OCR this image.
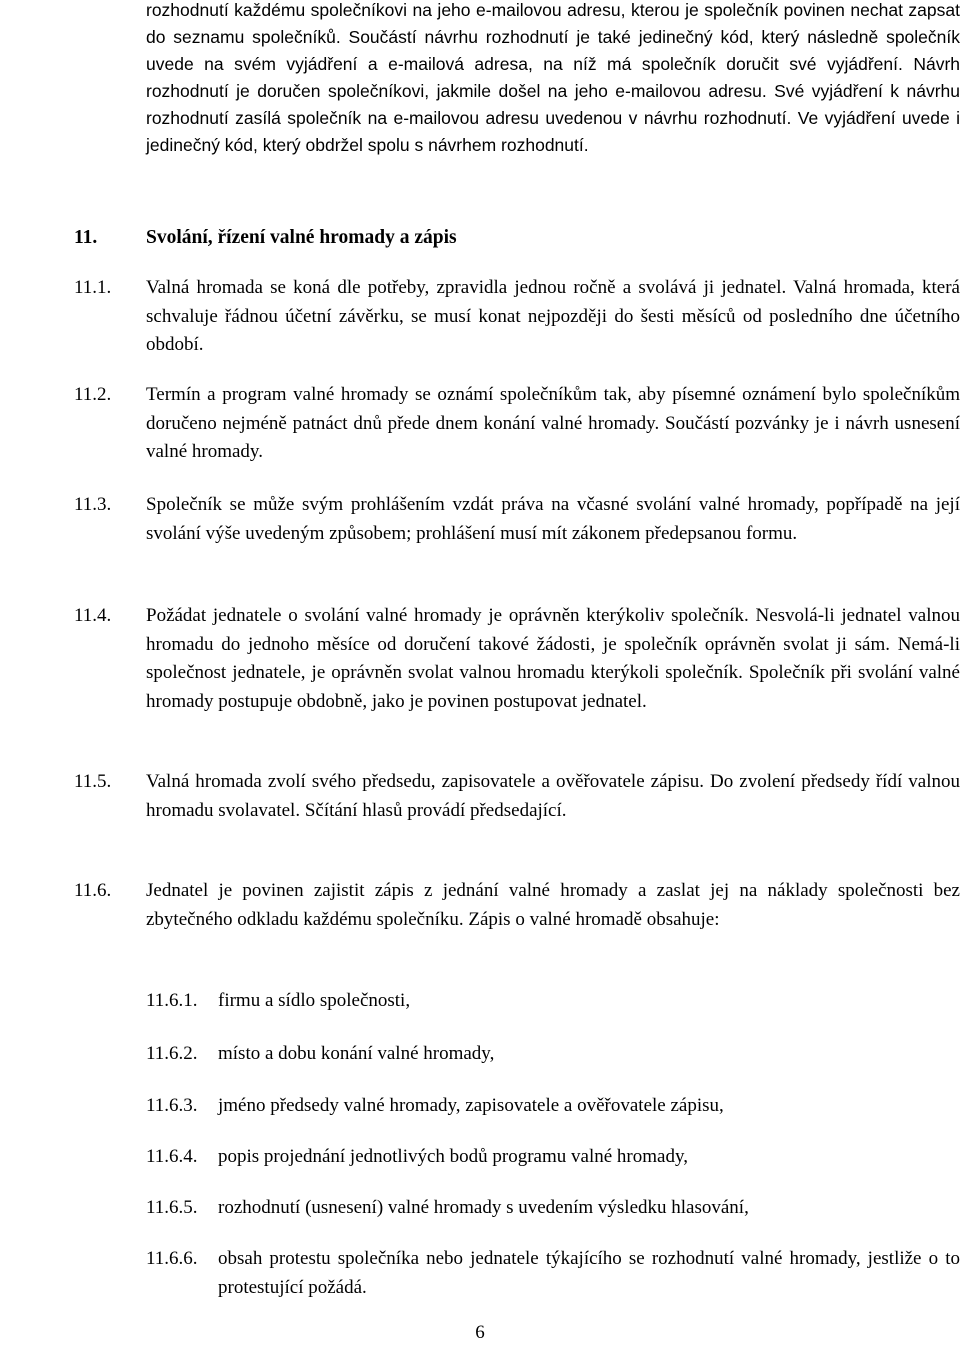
rozhodnutí každému společníkovi na jeho e-mailovou adresu, kterou je společník povinen nechat zapsat do seznamu společníků. Součástí návrhu rozhodnutí je také jedinečný kód, který následně společník uvede na svém vyjádření a e-mailová adresa, na níž má společník doručit své vyjádření. Návrh rozhodnutí je doručen společníkovi, jakmile došel na jeho e-mailovou adresu. Své vyjádření k návrhu rozhodnutí zasílá společník na e-mailovou adresu uvedenou v návrhu rozhodnutí. Ve vyjádření uvede i jedinečný kód, který obdržel spolu s návrhem rozhodnutí.
11. Svolání, řízení valné hromady a zápis
11.1.	Valná hromada se koná dle potřeby, zpravidla jednou ročně a svolává ji jednatel. Valná hromada, která schvaluje řádnou účetní závěrku, se musí konat nejpozději do šesti měsíců od posledního dne účetního období.
11.2.	Termín a program valné hromady se oznámí společníkům tak, aby písemné oznámení bylo společníkům doručeno nejméně patnáct dnů přede dnem konání valné hromady. Součástí pozvánky je i návrh usnesení valné hromady.
11.3.	Společník se může svým prohlášením vzdát práva na včasné svolání valné hromady, popřípadě na její svolání výše uvedeným způsobem; prohlášení musí mít zákonem předepsanou formu.
11.4.	Požádat jednatele o svolání valné hromady je oprávněn kterýkoliv společník. Nesvolá-li jednatel valnou hromadu do jednoho měsíce od doručení takové žádosti, je společník oprávněn svolat ji sám. Nemá-li společnost jednatele, je oprávněn svolat valnou hromadu kterýkoli společník. Společník při svolání valné hromady postupuje obdobně, jako je povinen postupovat jednatel.
11.5.	Valná hromada zvolí svého předsedu, zapisovatele a ověřovatele zápisu. Do zvolení předsedy řídí valnou hromadu svolavatel. Sčítání hlasů provádí předsedající.
11.6.	Jednatel je povinen zajistit zápis z jednání valné hromady a zaslat jej na náklady společnosti bez zbytečného odkladu každému společníku. Zápis o valné hromadě obsahuje:
11.6.1.	firmu a sídlo společnosti,
11.6.2.	místo a dobu konání valné hromady,
11.6.3.	jméno předsedy valné hromady, zapisovatele a ověřovatele zápisu,
11.6.4.	popis projednání jednotlivých bodů programu valné hromady,
11.6.5.	rozhodnutí (usnesení) valné hromady s uvedením výsledku hlasování,
11.6.6.	obsah protestu společníka nebo jednatele týkajícího se rozhodnutí valné hromady, jestliže o to protestující požádá.
6
